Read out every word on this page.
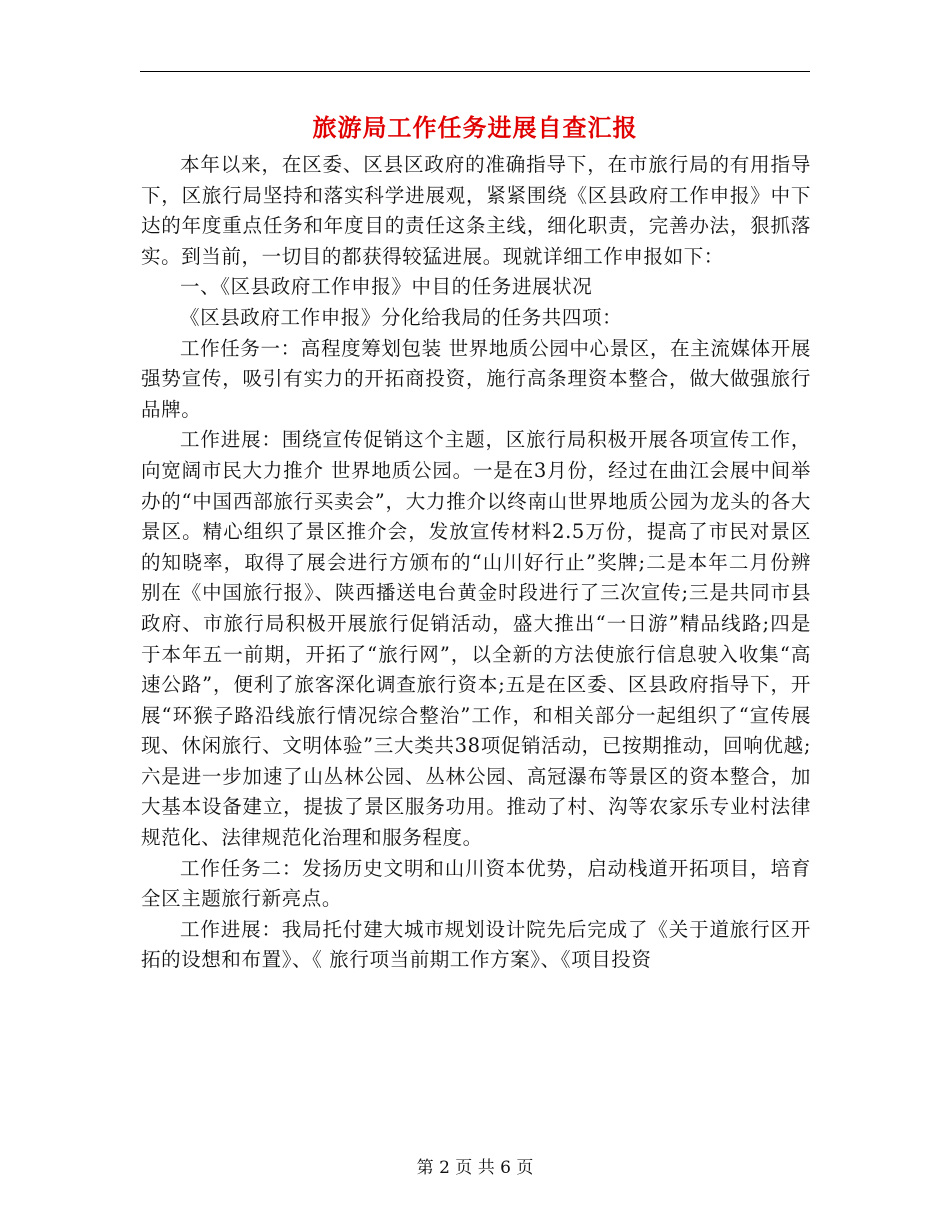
旅游局工作任务进展自查汇报

本年以来，在区委、区县区政府的准确指导下，在市旅行局的有用指导下，区旅行局坚持和落实科学进展观，紧紧围绕《区县政府工作申报》中下达的年度重点任务和年度目的责任这条主线，细化职责，完善办法，狠抓落实。到当前，一切目的都获得较猛进展。现就详细工作申报如下：

一、《区县政府工作申报》中目的任务进展状况

《区县政府工作申报》分化给我局的任务共四项：

工作任务一：高程度筹划包装 世界地质公园中心景区，在主流媒体开展强势宣传，吸引有实力的开拓商投资，施行高条理资本整合，做大做强旅行品牌。

工作进展：围绕宣传促销这个主题，区旅行局积极开展各项宣传工作，向宽阔市民大力推介 世界地质公园。一是在3月份，经过在曲江会展中间举办的“中国西部旅行买卖会”，大力推介以终南山世界地质公园为龙头的各大景区。精心组织了景区推介会，发放宣传材料2.5万份，提高了市民对景区的知晓率，取得了展会进行方颁布的“山川好行止”奖牌;二是本年二月份辨别在《中国旅行报》、陕西播送电台黄金时段进行了三次宣传;三是共同市县政府、市旅行局积极开展旅行促销活动，盛大推出“一日游”精品线路;四是于本年五一前期，开拓了“旅行网”，以全新的方法使旅行信息驶入收集“高速公路”，便利了旅客深化调查旅行资本;五是在区委、区县政府指导下，开展“环猴子路沿线旅行情况综合整治”工作，和相关部分一起组织了“宣传展现、休闲旅行、文明体验”三大类共38项促销活动，已按期推动，回响优越;六是进一步加速了山丛林公园、丛林公园、高冠瀑布等景区的资本整合，加大基本设备建立，提拔了景区服务功用。推动了村、沟等农家乐专业村法律规范化、法律规范化治理和服务程度。

工作任务二：发扬历史文明和山川资本优势，启动栈道开拓项目，培育全区主题旅行新亮点。

工作进展：我局托付建大城市规划设计院先后完成了《关于道旅行区开拓的设想和布置》、《 旅行项当前期工作方案》、《项目投资

第 2 页 共 6 页
